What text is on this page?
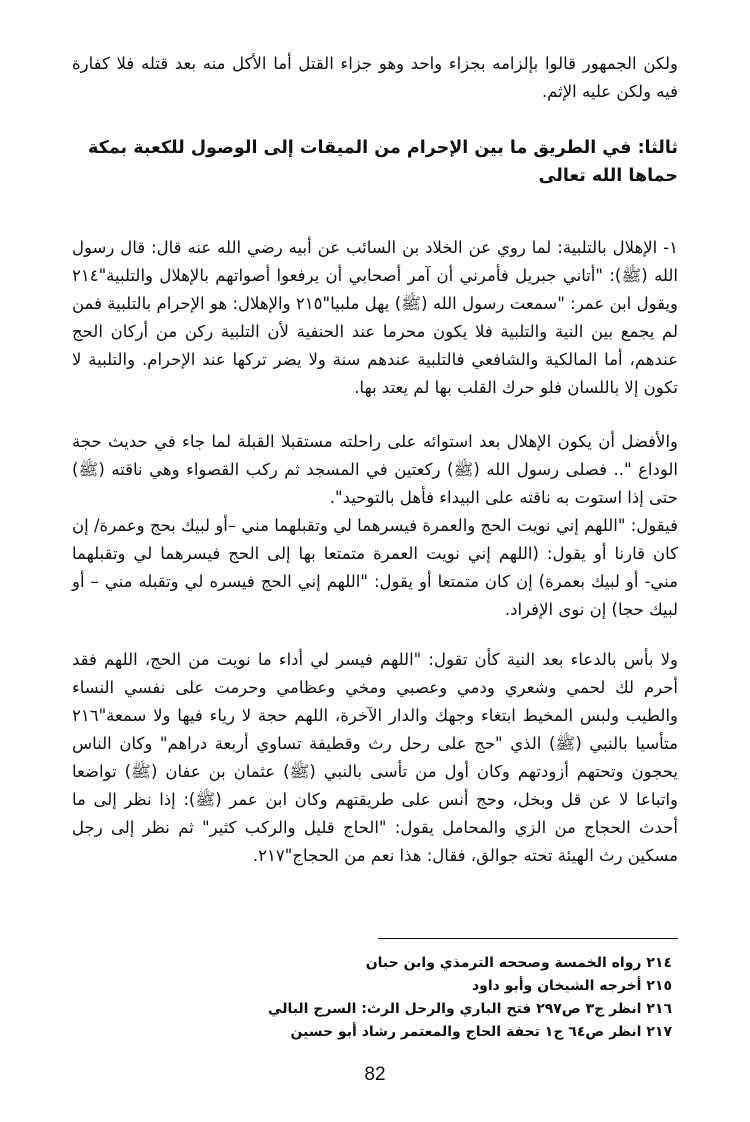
ولكن الجمهور قالوا بإلزامه بجزاء واحد وهو جزاء القتل أما الأكل منه بعد قتله فلا كفارة فيه ولكن عليه الإثم.

ثالثا: في الطريق ما بين الإحرام من الميقات إلى الوصول للكعبة بمكة حماها الله تعالى

١- الإهلال بالتلبية: لما روي عن الخلاد بن السائب عن أبيه رضي الله عنه قال: قال رسول الله (ﷺ): "أتاني جبريل فأمرني أن آمر أصحابي أن يرفعوا أصواتهم بالإهلال والتلبية"٢١٤ ويقول ابن عمر: "سمعت رسول الله (ﷺ) يهل ملبيا"٢١٥ والإهلال: هو الإحرام بالتلبية فمن لم يجمع بين النية والتلبية فلا يكون محرما عند الحنفية لأن التلبية ركن من أركان الحج عندهم، أما المالكية والشافعي فالتلبية عندهم سنة ولا يضر تركها عند الإحرام. والتلبية لا تكون إلا باللسان فلو حرك القلب بها لم يعتد بها.

والأفضل أن يكون الإهلال بعد استوائه على راحلته مستقبلا القبلة لما جاء في حديث حجة الوداع ".. فصلى رسول الله (ﷺ) ركعتين في المسجد ثم ركب القصواء وهي ناقته (ﷺ) حتى إذا استوت به ناقته على البيداء فأهل بالتوحيد".

فيقول: "اللهم إني نويت الحج والعمرة فيسرهما لي وتقبلهما مني –أو لبيك بحج وعمرة/ إن كان قارنا أو يقول: (اللهم إني نويت العمرة متمتعا بها إلى الحج فيسرهما لي وتقبلهما مني- أو لبيك بعمرة) إن كان متمتعا أو يقول: "اللهم إني الحج فيسره لي وتقبله مني – أو لبيك حجا) إن نوى الإفراد.

ولا بأس بالدعاء بعد النية كأن تقول: "اللهم فيسر لي أداء ما نويت من الحج، اللهم فقد أحرم لك لحمي وشعري ودمي وعصبي ومخي وعظامي وحرمت على نفسي النساء والطيب ولبس المخيط ابتغاء وجهك والدار الآخرة، اللهم حجة لا رياء فيها ولا سمعة"٢١٦ متأسيا بالنبي (ﷺ) الذي "حج على رحل رث وقطيفة تساوي أربعة دراهم" وكان الناس يحجون وتحتهم أزودتهم وكان أول من تأسى بالنبي (ﷺ) عثمان بن عفان (ﷺ) تواضعا واتباعا لا عن قل وبخل، وحج أنس على طريقتهم وكان ابن عمر (ﷺ): إذا نظر إلى ما أحدث الحجاج من الزي والمحامل يقول: "الحاج قليل والركب كثير" ثم نظر إلى رجل مسكين رث الهيئة تحته جوالق، فقال: هذا نعم من الحجاج"٢١٧.

٢١٤ رواه الخمسة وصححه الترمذي وابن حبان
٢١٥ أخرجه الشيخان وأبو داود
٢١٦ انظر ج٣ ص٢٩٧ فتح الباري والرحل الرث: السرج البالي
٢١٧ انظر ص٦٤ ج١ تحفة الحاج والمعتمر رشاد أبو حسين
82
